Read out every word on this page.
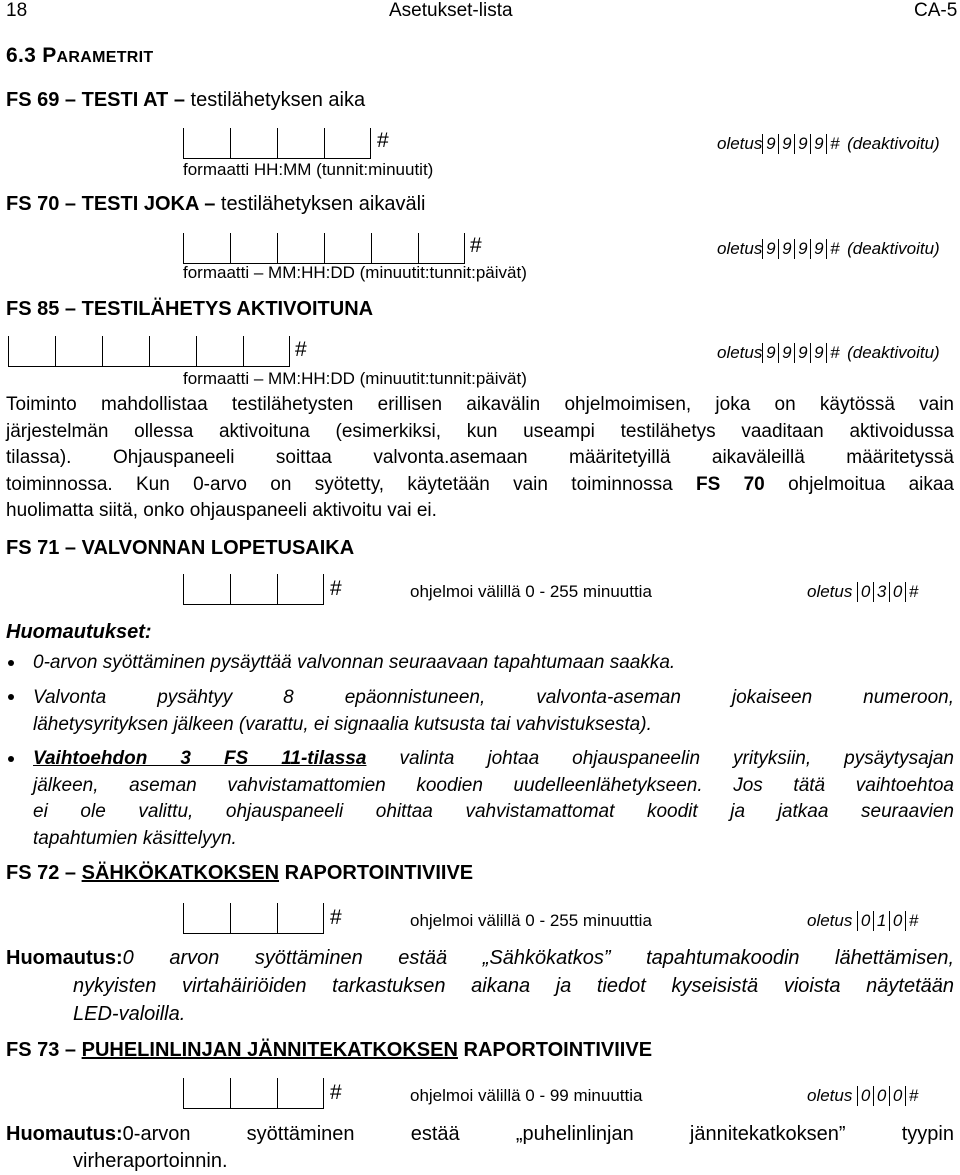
18	Asetukset-lista	CA-5
6.3 PARAMETRIT
FS 69 – TESTI AT – testilähetyksen aika
#
formaatti HH:MM (tunnit:minuutit)
oletus 9 9 9 9 # (deaktivoitu)
FS 70 – TESTI JOKA – testilähetyksen aikaväli
#
formaatti – MM:HH:DD (minuutit:tunnit:päivät)
oletus 9 9 9 9 # (deaktivoitu)
FS 85 – TESTILÄHETYS AKTIVOITUNA
#
formaatti – MM:HH:DD (minuutit:tunnit:päivät)
oletus 9 9 9 9 # (deaktivoitu)
Toiminto mahdollistaa testilähetysten erillisen aikavälin ohjelmoimisen, joka on käytössä vain
järjestelmän ollessa aktivoituna (esimerkiksi, kun useampi testilähetys vaaditaan aktivoidussa
tilassa). Ohjauspaneeli soittaa valvonta.asemaan määritetyillä aikaväleillä määritetyssä
toiminnossa. Kun 0-arvo on syötetty, käytetään vain toiminnossa FS 70 ohjelmoitua aikaa
huolimatta siitä, onko ohjauspaneeli aktivoitu vai ei.
FS 71 – VALVONNAN LOPETUSAIKA
#	ohjelmoi välillä 0 - 255 minuuttia	oletus 0 3 0 #
Huomautukset:
0-arvon syöttäminen pysäyttää valvonnan seuraavaan tapahtumaan saakka.
Valvonta pysähtyy 8 epäonnistuneen, valvonta-aseman jokaiseen numeroon,
lähetysyrityksen jälkeen (varattu, ei signaalia kutsusta tai vahvistuksesta).
Vaihtoehdon 3 FS 11-tilassa valinta johtaa ohjauspaneelin yrityksiin, pysäytysajan
jälkeen, aseman vahvistamattomien koodien uudelleenlähetykseen. Jos tätä vaihtoehtoa
ei ole valittu, ohjauspaneeli ohittaa vahvistamattomat koodit ja jatkaa seuraavien
tapahtumien käsittelyyn.
FS 72 – SÄHKÖKATKOKSEN RAPORTOINTIVIIVE
#	ohjelmoi välillä 0 - 255 minuuttia	oletus 0 1 0 #
Huomautus:0 arvon syöttäminen estää „Sähkökatkos” tapahtumakoodin lähettämisen,
nykyisten virtahäiriöiden tarkastuksen aikana ja tiedot kyseisistä vioista näytetään
LED-valoilla.
FS 73 – PUHELINLINJAN JÄNNITEKATKOKSEN RAPORTOINTIVIIVE
#	ohjelmoi välillä 0 - 99 minuuttia	oletus 0 0 0 #
Huomautus:0-arvon syöttäminen estää „puhelinlinjan jännitekatkoksen” tyypin
virheraportoinnin.
